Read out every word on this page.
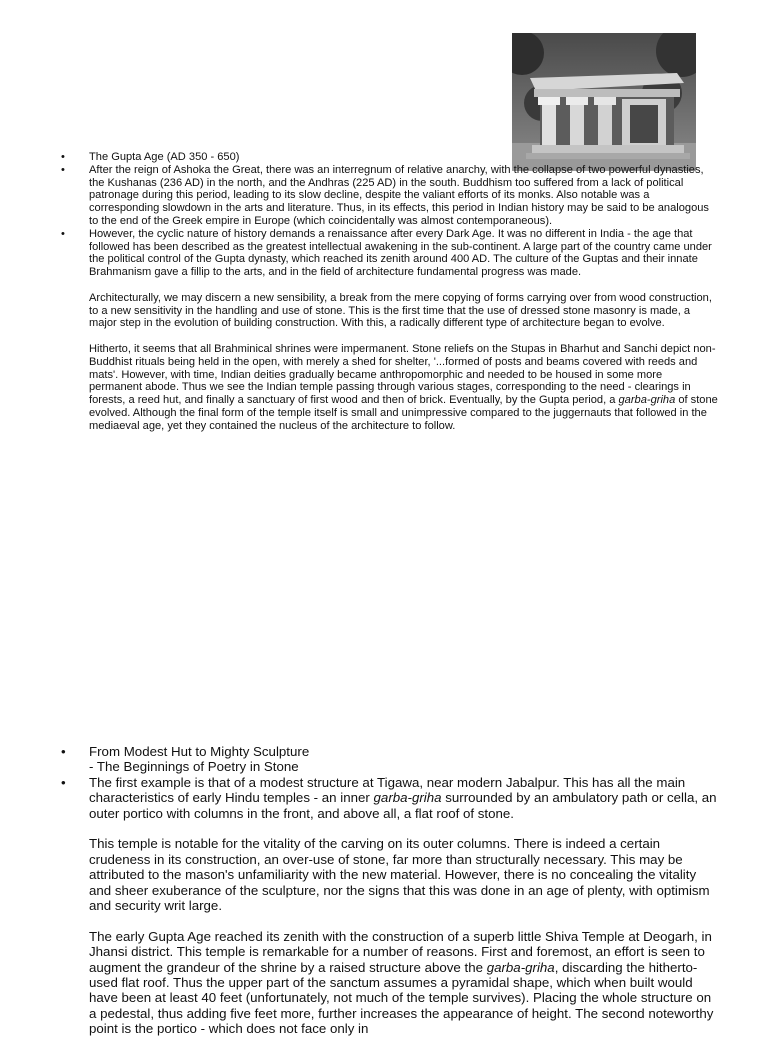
• The Gupta Age (AD 350 - 650)

• After the reign of Ashoka the Great, there was an interregnum of relative anarchy, with the collapse of two powerful dynasties, the Kushanas (236 AD) in the north, and the Andhras (225 AD) in the south. Buddhism too suffered from a lack of political patronage during this period, leading to its slow decline, despite the valiant efforts of its monks. Also notable was a corresponding slowdown in the arts and literature. Thus, in its effects, this period in Indian history may be said to be analogous to the end of the Greek empire in Europe (which coincidentally was almost contemporaneous).

• However, the cyclic nature of history demands a renaissance after every Dark Age. It was no different in India - the age that followed has been described as the greatest intellectual awakening in the sub-continent. A large part of the country came under the political control of the Gupta dynasty, which reached its zenith around 400 AD. The culture of the Guptas and their innate Brahmanism gave a fillip to the arts, and in the field of architecture fundamental progress was made.

Architecturally, we may discern a new sensibility, a break from the mere copying of forms carrying over from wood construction, to a new sensitivity in the handling and use of stone. This is the first time that the use of dressed stone masonry is made, a major step in the evolution of building construction. With this, a radically different type of architecture began to evolve.

Hitherto, it seems that all Brahminical shrines were impermanent. Stone reliefs on the Stupas in Bharhut and Sanchi depict non-Buddhist rituals being held in the open, with merely a shed for shelter, '...formed of posts and beams covered with reeds and mats'. However, with time, Indian deities gradually became anthropomorphic and needed to be housed in some more permanent abode. Thus we see the Indian temple passing through various stages, corresponding to the need - clearings in forests, a reed hut, and finally a sanctuary of first wood and then of brick. Eventually, by the Gupta period, a garba-griha of stone evolved. Although the final form of the temple itself is small and unimpressive compared to the juggernauts that followed in the mediaeval age, yet they contained the nucleus of the architecture to follow.

• From Modest Hut to Mighty Sculpture
- The Beginnings of Poetry in Stone

• The first example is that of a modest structure at Tigawa, near modern Jabalpur. This has all the main characteristics of early Hindu temples - an inner garba-griha surrounded by an ambulatory path or cella, an outer portico with columns in the front, and above all, a flat roof of stone.

This temple is notable for the vitality of the carving on its outer columns. There is indeed a certain crudeness in its construction, an over-use of stone, far more than structurally necessary. This may be attributed to the mason's unfamiliarity with the new material. However, there is no concealing the vitality and sheer exuberance of the sculpture, nor the signs that this was done in an age of plenty, with optimism and security writ large.

The early Gupta Age reached its zenith with the construction of a superb little Shiva Temple at Deogarh, in Jhansi district. This temple is remarkable for a number of reasons. First and foremost, an effort is seen to augment the grandeur of the shrine by a raised structure above the garba-griha, discarding the hitherto-used flat roof. Thus the upper part of the sanctum assumes a pyramidal shape, which when built would have been at least 40 feet (unfortunately, not much of the temple survives). Placing the whole structure on a pedestal, thus adding five feet more, further increases the appearance of height. The second noteworthy point is the portico - which does not face only in
